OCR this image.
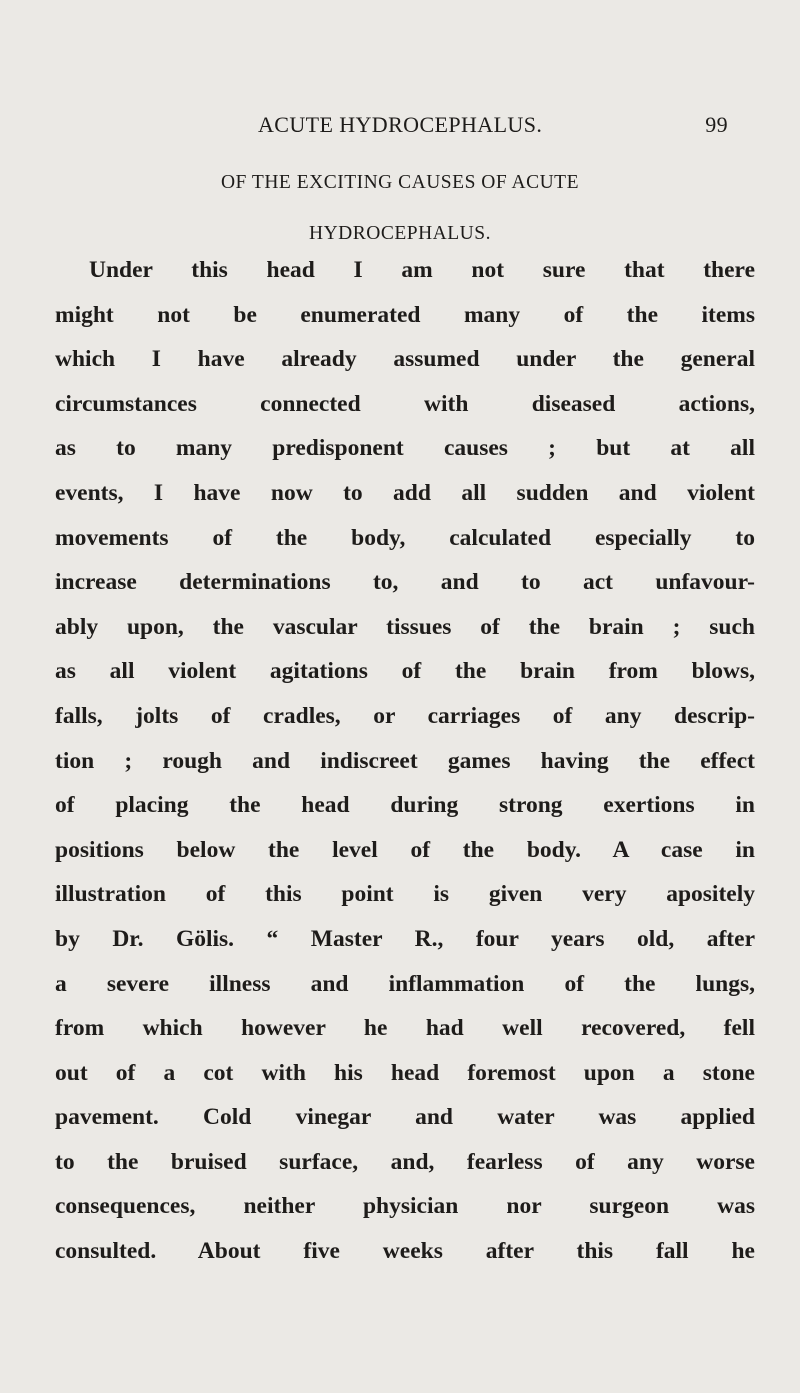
ACUTE HYDROCEPHALUS.	99
OF THE EXCITING CAUSES OF ACUTE
HYDROCEPHALUS.
Under this head I am not sure that there
might not be enumerated many of the items
which I have already assumed under the general
circumstances connected with diseased actions,
as to many predisponent causes ; but at all
events, I have now to add all sudden and violent
movements of the body, calculated especially to
increase determinations to, and to act unfavour-
ably upon, the vascular tissues of the brain ; such
as all violent agitations of the brain from blows,
falls, jolts of cradles, or carriages of any descrip-
tion ; rough and indiscreet games having the effect
of placing the head during strong exertions in
positions below the level of the body. A case in
illustration of this point is given very apositely
by Dr. Gölis. “ Master R., four years old, after
a severe illness and inflammation of the lungs,
from which however he had well recovered, fell
out of a cot with his head foremost upon a stone
pavement. Cold vinegar and water was applied
to the bruised surface, and, fearless of any worse
consequences, neither physician nor surgeon was
consulted. About five weeks after this fall he
